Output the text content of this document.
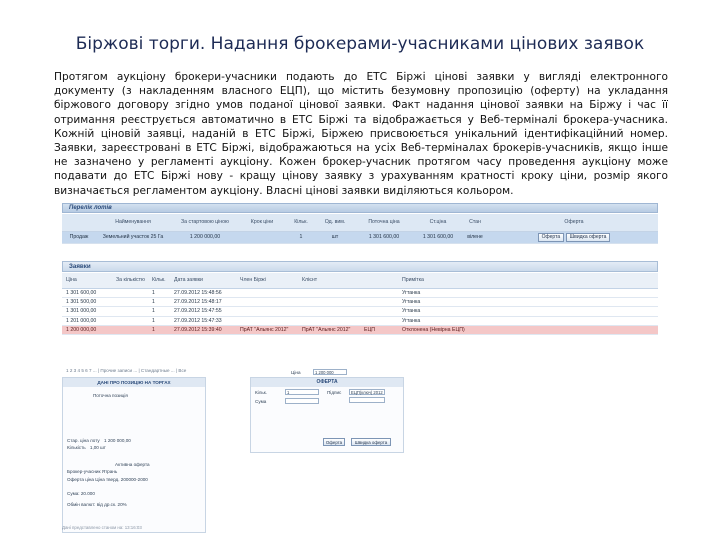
Біржові торги. Надання брокерами-учасниками цінових заявок
Протягом аукціону брокери-учасники подають до ЕТС Біржі цінові заявки у вигляді електронного документу (з накладенням власного ЕЦП), що містить безумовну пропозицію (оферту) на укладання біржового договору згідно умов поданої цінової заявки. Факт надання цінової заявки на Біржу і час її отримання реєструється автоматично в ЕТС Біржі та відображається у Веб-терміналі брокера-учасника. Кожній ціновій заявці, наданій в ЕТС Біржі, Біржею присвоюється унікальний ідентифікаційний номер. Заявки, зареєстровані в ЕТС Біржі, відображаються на усіх Веб-терміналах брокерів-учасників, якщо інше не зазначено у регламенті аукціону. Кожен брокер-учасник протягом часу проведення аукціону може подавати до ЕТС Біржі нову - кращу цінову заявку з урахуванням кратності кроку ціни, розмір якого визначається регламентом аукціону. Власні цінові заявки виділяються кольором.
Перелік лотів
	Найменування	За стартовою ціною	Крок ціни	Кільк.	Од. вим.	Поточна ціна	Ст.ціна	Стан	Оферта
Продаж	Земельний участок 25 Га	1 200 000,00		1	шт	1 301 600,00	1 301 600,00	вiлене	Оферта Швидка оферта
Заявки
Ціна	За кількістю	Кільк.	Дата заявки	Член Біржі	Клієнт		Примітка
1 301 600,00		1	27.09.2012 15:48:56				Угтанка
1 301 500,00		1	27.09.2012 15:48:17				Угтанка
1 301 000,00		1	27.09.2012 15:47:55				Угтанка
1 201 000,00		1	27.09.2012 15:47:33				Угтанка
1 200 000,00		1	27.09.2012 15:39:40	ПрАТ "Альянс 2012"	ПрАТ "Альянс 2012"	ЕЦП	Отклонена (Невірна ЕЦП)
1 2 3 4 5 6 7 ... | Прочие записи ... | Стандартные ... | Все
ДАНІ ПРО ПОЗИЦІЮ НА ТОРГАХ
Поточна позиція
Стар. ціна лоту 1 200 000,00
Кількість 1,00 шт
Активна оферта
Брокер-учасник Ятрань
Оферта ціна Ціна тверд. 200000-2000
Сума: 20.000
Обмін валют: від др.ск. 20%
ОФЕРТА
Ціна	1 200 000
Кільк.	1
Сума
Підпис	ЕЦП(ключ) 2012
Оферта	Швидка оферта
Дані представлено станом на: 13:16:03
